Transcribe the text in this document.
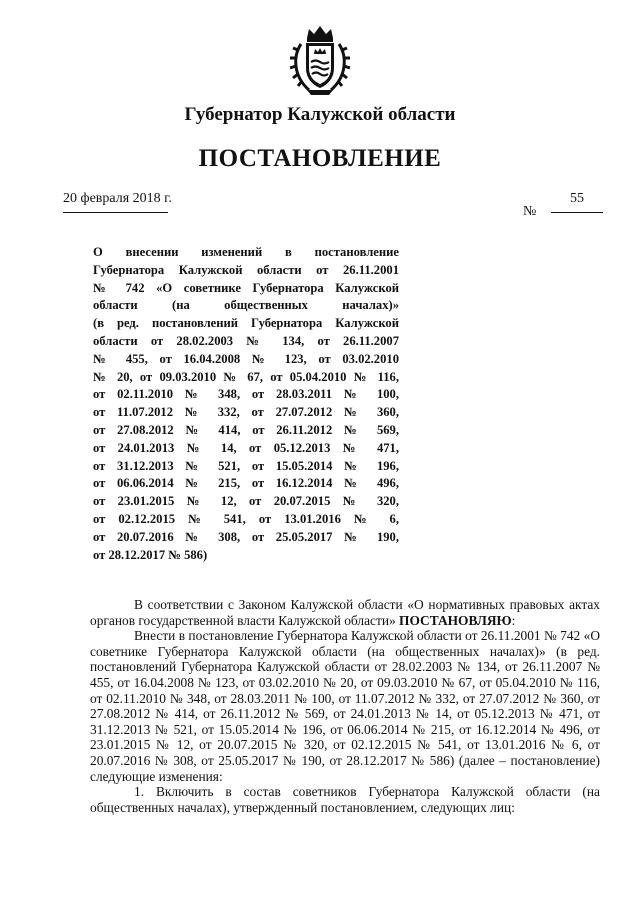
Губернатор Калужской области
ПОСТАНОВЛЕНИЕ
20 февраля 2018 г.
№
55
О внесении изменений в постановление
Губернатора Калужской области от 26.11.2001
№ 742 «О советнике Губернатора Калужской
области (на общественных началах)»
(в ред. постановлений Губернатора Калужской
области от 28.02.2003 № 134, от 26.11.2007
№ 455, от 16.04.2008 № 123, от 03.02.2010
№ 20, от 09.03.2010 № 67, от 05.04.2010 № 116,
от 02.11.2010 № 348, от 28.03.2011 № 100,
от 11.07.2012 № 332, от 27.07.2012 № 360,
от 27.08.2012 № 414, от 26.11.2012 № 569,
от 24.01.2013 № 14, от 05.12.2013 № 471,
от 31.12.2013 № 521, от 15.05.2014 № 196,
от 06.06.2014 № 215, от 16.12.2014 № 496,
от 23.01.2015 № 12, от 20.07.2015 № 320,
от 02.12.2015 № 541, от 13.01.2016 № 6,
от 20.07.2016 № 308, от 25.05.2017 № 190,
от 28.12.2017 № 586)

В соответствии с Законом Калужской области «О нормативных правовых актах органов государственной власти Калужской области» ПОСТАНОВЛЯЮ:

Внести в постановление Губернатора Калужской области от 26.11.2001 № 742 «О советнике Губернатора Калужской области (на общественных началах)» (в ред. постановлений Губернатора Калужской области от 28.02.2003 № 134, от 26.11.2007 № 455, от 16.04.2008 № 123, от 03.02.2010 № 20, от 09.03.2010 № 67, от 05.04.2010 № 116, от 02.11.2010 № 348, от 28.03.2011 № 100, от 11.07.2012 № 332, от 27.07.2012 № 360, от 27.08.2012 № 414, от 26.11.2012 № 569, от 24.01.2013 № 14, от 05.12.2013 № 471, от 31.12.2013 № 521, от 15.05.2014 № 196, от 06.06.2014 № 215, от 16.12.2014 № 496, от 23.01.2015 № 12, от 20.07.2015 № 320, от 02.12.2015 № 541, от 13.01.2016 № 6, от 20.07.2016 № 308, от 25.05.2017 № 190, от 28.12.2017 № 586) (далее – постановление) следующие изменения:

1. Включить в состав советников Губернатора Калужской области (на общественных началах), утвержденный постановлением, следующих лиц:
